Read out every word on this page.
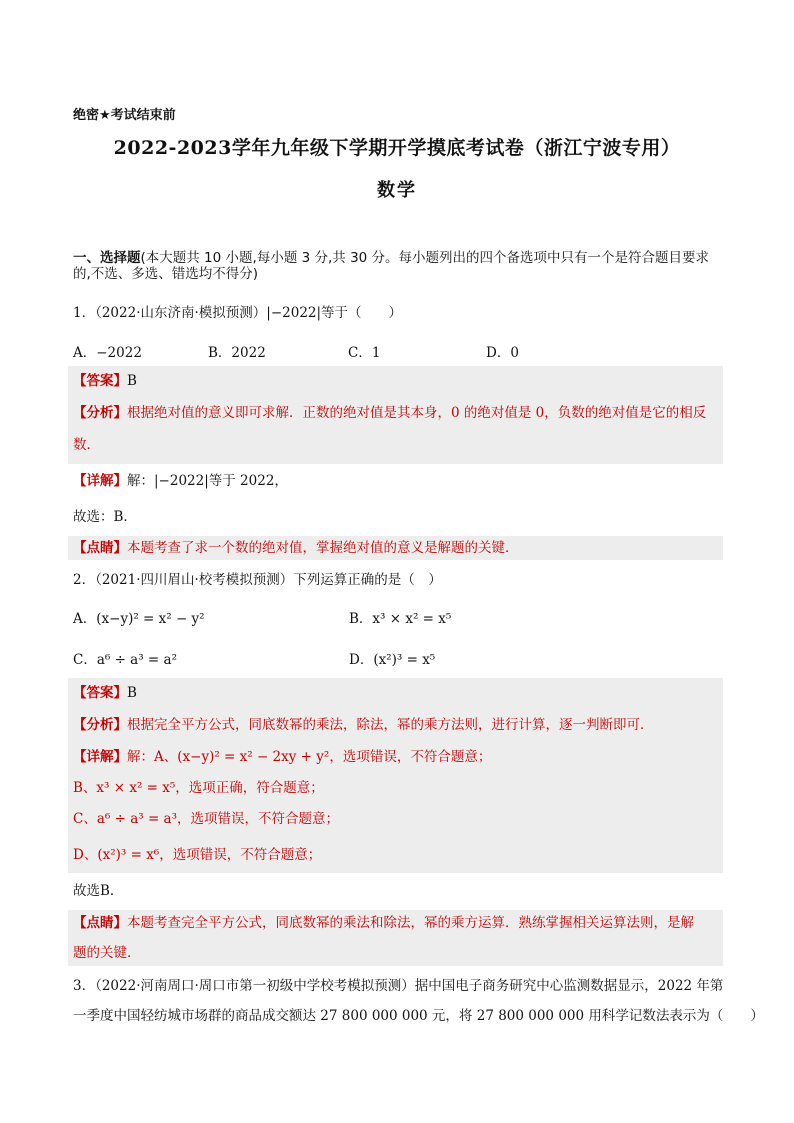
绝密★考试结束前
2022-2023学年九年级下学期开学摸底考试卷（浙江宁波专用）
数学
一、选择题(本大题共 10 小题,每小题 3 分,共 30 分。每小题列出的四个备选项中只有一个是符合题目要求
的,不选、多选、错选均不得分)
1．（2022·山东济南·模拟预测）|−2022|等于（　　）
A．−2022	B．2022	C．1	D．0
【答案】B
【分析】根据绝对值的意义即可求解．正数的绝对值是其本身，0 的绝对值是 0，负数的绝对值是它的相反
数．
【详解】解：|−2022|等于 2022，
故选：B．
【点睛】本题考查了求一个数的绝对值，掌握绝对值的意义是解题的关键．
2．（2021·四川眉山·校考模拟预测）下列运算正确的是（　）
A．(x−y)² = x² − y²	B．x³ × x² = x⁵
C．a⁶ ÷ a³ = a²	D．(x²)³ = x⁵
【答案】B
【分析】根据完全平方公式，同底数幂的乘法，除法，幂的乘方法则，进行计算，逐一判断即可．
【详解】解：A、(x−y)² = x² − 2xy + y²，选项错误，不符合题意；
B、x³ × x² = x⁵，选项正确，符合题意；
C、a⁶ ÷ a³ = a³，选项错误，不符合题意；
D、(x²)³ = x⁶，选项错误，不符合题意；
故选B．
【点睛】本题考查完全平方公式，同底数幂的乘法和除法，幂的乘方运算．熟练掌握相关运算法则，是解
题的关键．
3．（2022·河南周口·周口市第一初级中学校考模拟预测）据中国电子商务研究中心监测数据显示，2022 年第
一季度中国轻纺城市场群的商品成交额达 27 800 000 000 元，将 27 800 000 000 用科学记数法表示为（　　）
